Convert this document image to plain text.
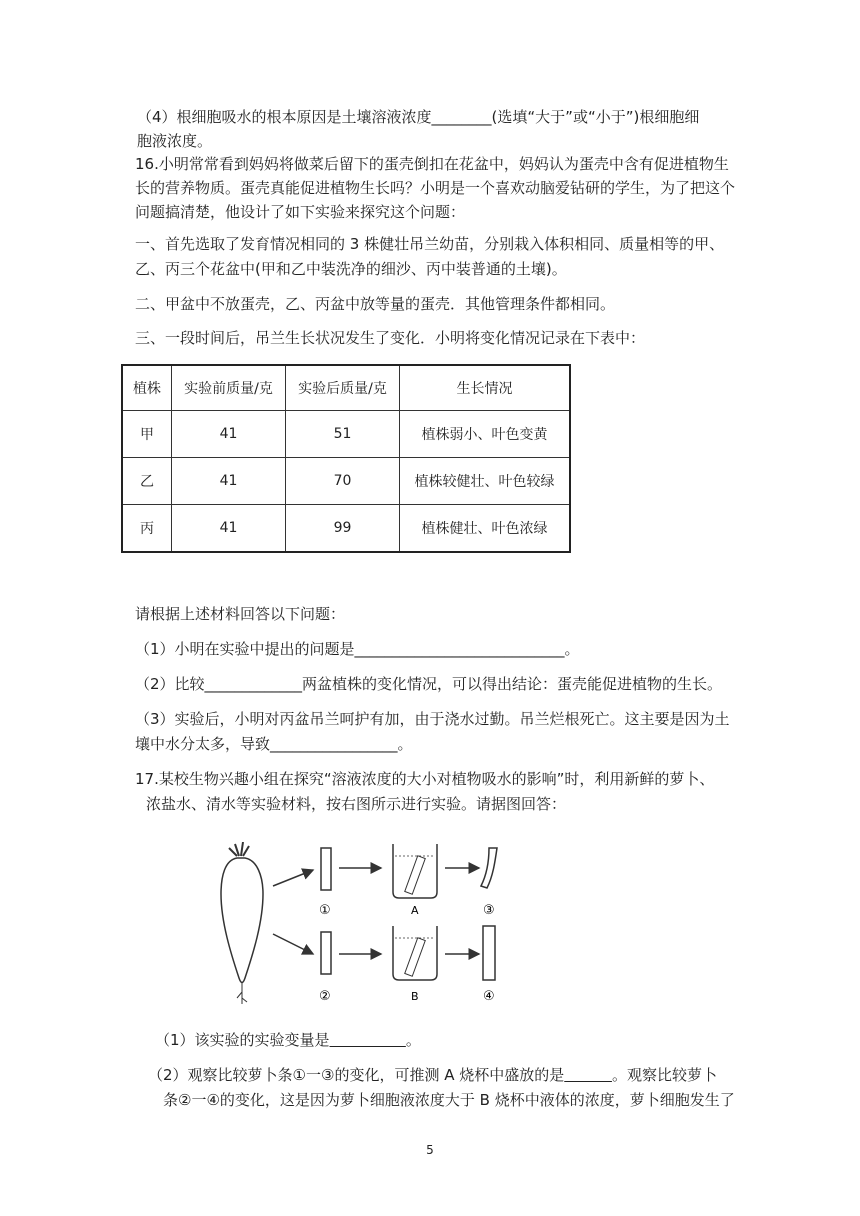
（4）根细胞吸水的根本原因是土壤溶液浓度________(选填“大于”或“小于”)根细胞细
胞液浓度。
16.小明常常看到妈妈将做菜后留下的蛋壳倒扣在花盆中，妈妈认为蛋壳中含有促进植物生
长的营养物质。蛋壳真能促进植物生长吗？小明是一个喜欢动脑爱钻研的学生，为了把这个
问题搞清楚，他设计了如下实验来探究这个问题：
一、首先选取了发育情况相同的 3 株健壮吊兰幼苗，分别栽入体积相同、质量相等的甲、
乙、丙三个花盆中(甲和乙中装洗净的细沙、丙中装普通的土壤)。
二、甲盆中不放蛋壳，乙、丙盆中放等量的蛋壳．其他管理条件都相同。
三、一段时间后，吊兰生长状况发生了变化．小明将变化情况记录在下表中：
植株	实验前质量/克	实验后质量/克	生长情况
甲	41	51	植株弱小、叶色变黄
乙	41	70	植株较健壮、叶色较绿
丙	41	99	植株健壮、叶色浓绿
请根据上述材料回答以下问题：
（1）小明在实验中提出的问题是____________________________。
（2）比较_____________两盆植株的变化情况，可以得出结论：蛋壳能促进植物的生长。
（3）实验后，小明对丙盆吊兰呵护有加，由于浇水过勤。吊兰烂根死亡。这主要是因为土
壤中水分太多，导致_________________。
17.某校生物兴趣小组在探究“溶液浓度的大小对植物吸水的影响”时，利用新鲜的萝卜、
浓盐水、清水等实验材料，按右图所示进行实验。请据图回答：
①	A	③
②	B	④
（1）该实验的实验变量是	。
（2）观察比较萝卜条①一③的变化，可推测 A 烧杯中盛放的是	。观察比较萝卜
条②一④的变化，这是因为萝卜细胞液浓度大于 B 烧杯中液体的浓度，萝卜细胞发生了
5
